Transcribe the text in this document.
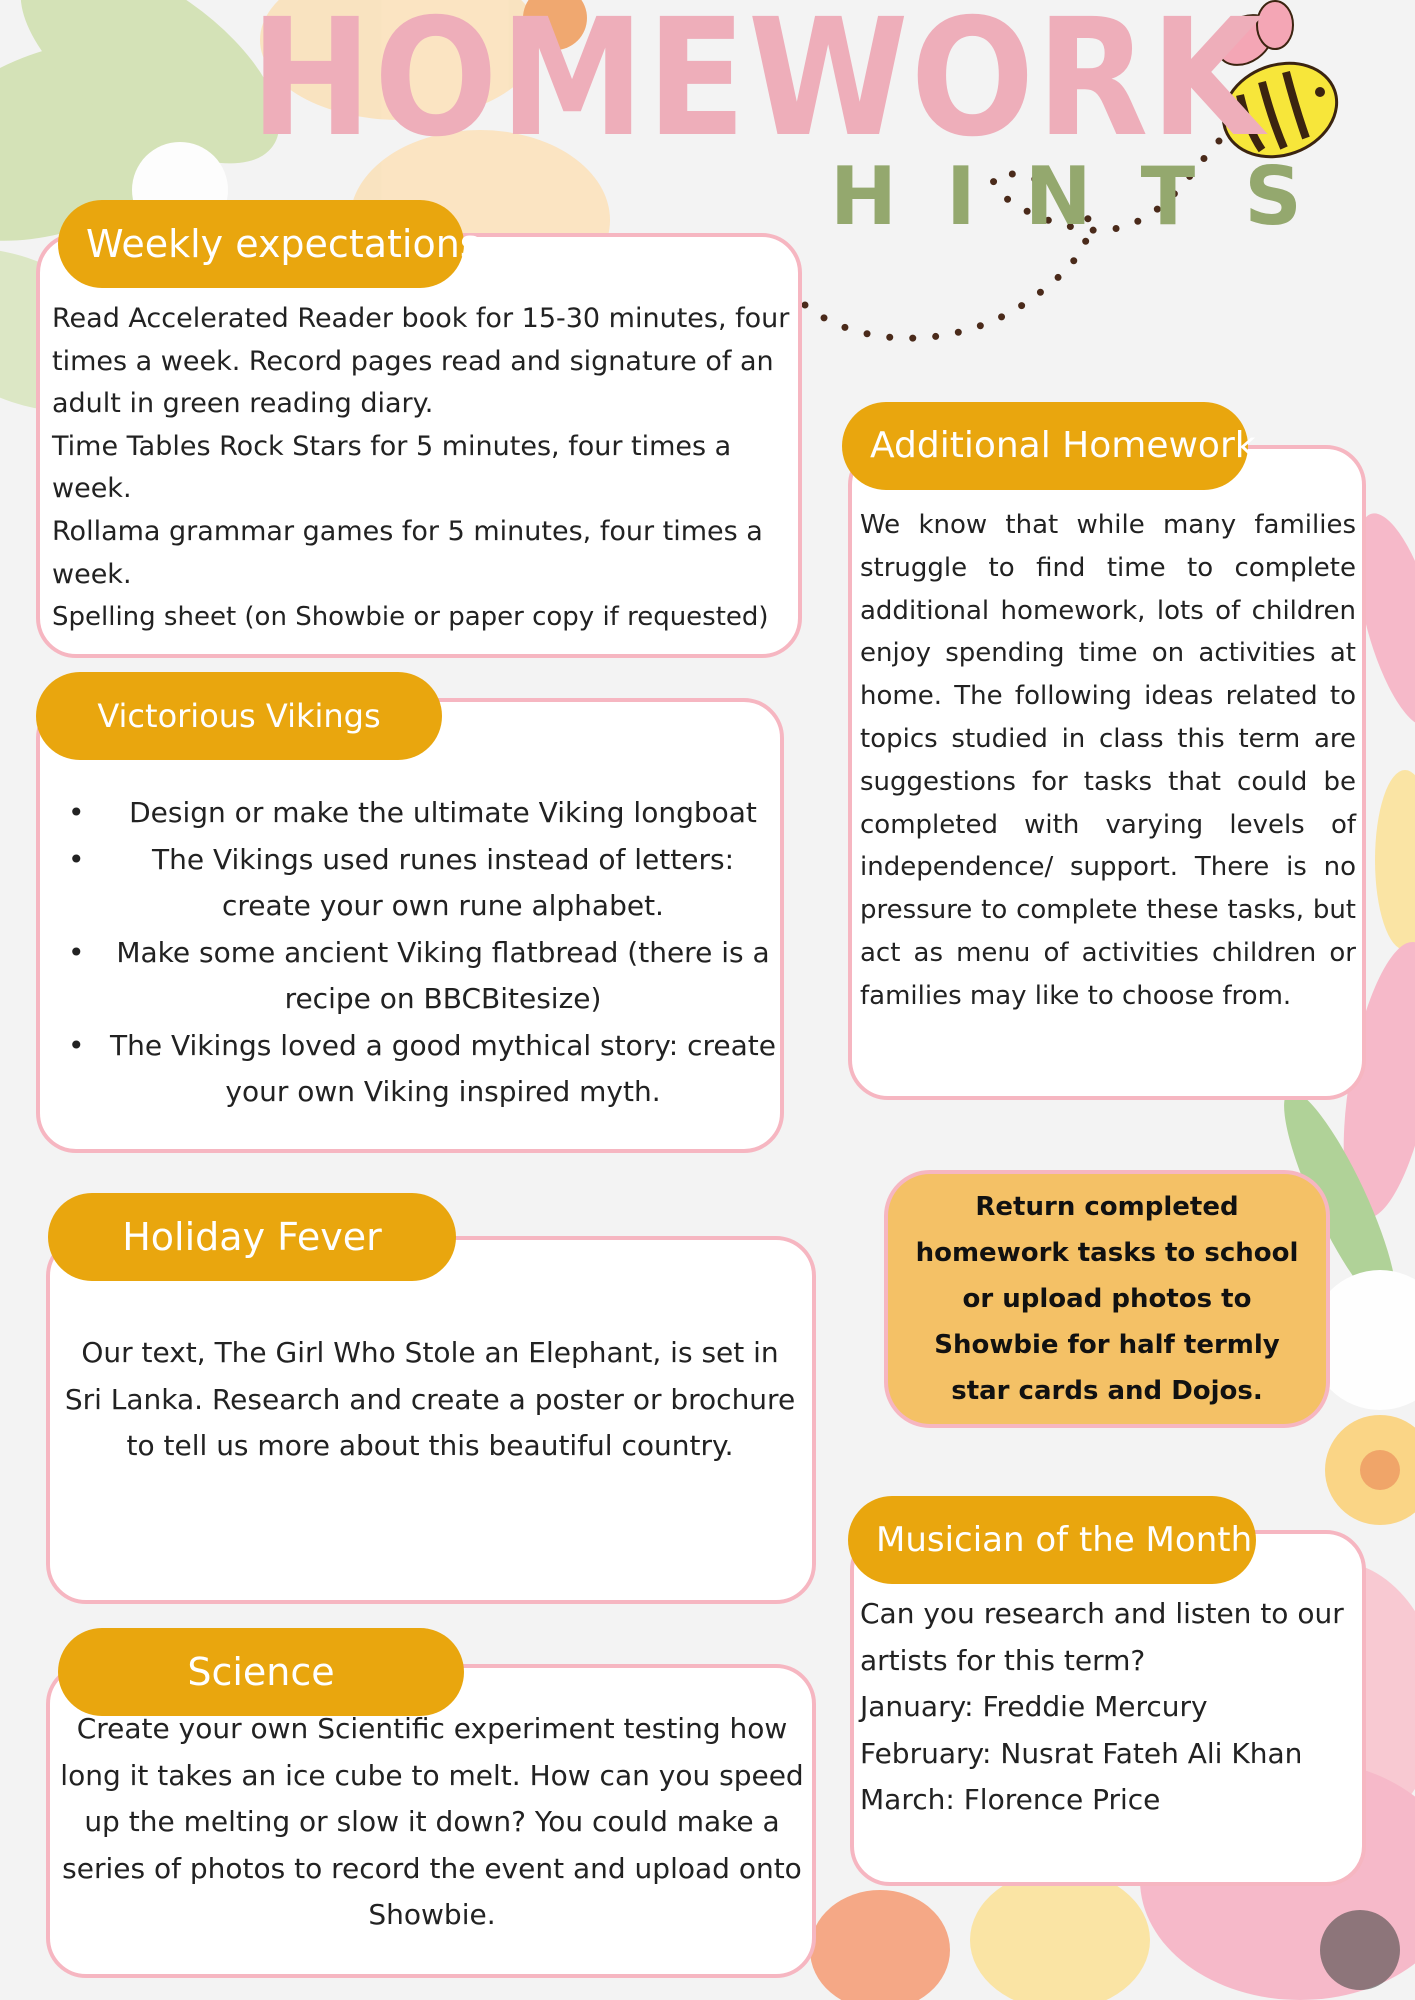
HOMEWORK
HINTS
Weekly expectations

Read Accelerated Reader book for 15-30 minutes, four times a week. Record pages read and signature of an adult in green reading diary.

Time Tables Rock Stars for 5 minutes, four times a week.

Rollama grammar games for 5 minutes, four times a week.

Spelling sheet (on Showbie or paper copy if requested)

Victorious Vikings
• Design or make the ultimate Viking longboat
• The Vikings used runes instead of letters: create your own rune alphabet.
• Make some ancient Viking flatbread (there is a recipe on BBCBitesize)
• The Vikings loved a good mythical story: create your own Viking inspired myth.
Holiday Fever
Our text, The Girl Who Stole an Elephant, is set in Sri Lanka. Research and create a poster or brochure to tell us more about this beautiful country.
Science
Create your own Scientific experiment testing how long it takes an ice cube to melt. How can you speed up the melting or slow it down? You could make a series of photos to record the event and upload onto Showbie.
Additional Homework
We know that while many families struggle to find time to complete additional homework, lots of children enjoy spending time on activities at home. The following ideas related to topics studied in class this term are suggestions for tasks that could be completed with varying levels of independence/ support. There is no pressure to complete these tasks, but act as menu of activities children or families may like to choose from.
Return completed homework tasks to school or upload photos to Showbie for half termly star cards and Dojos.
Musician of the Month

Can you research and listen to our artists for this term?

January: Freddie Mercury

February: Nusrat Fateh Ali Khan

March: Florence Price
